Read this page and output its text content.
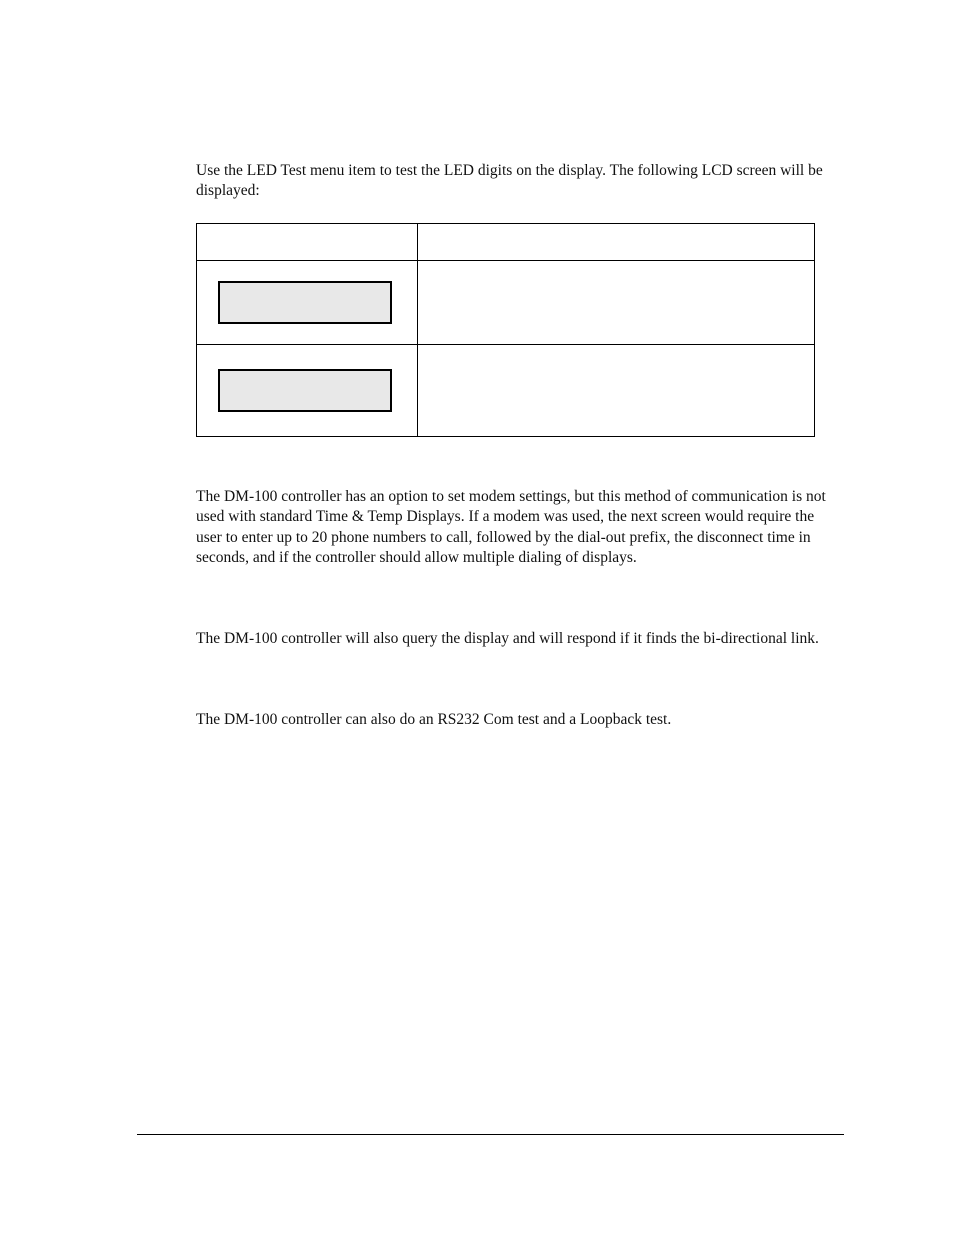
Use the LED Test menu item to test the LED digits on the display. The following LCD screen will be displayed:

The DM-100 controller has an option to set modem settings, but this method of communication is not used with standard Time & Temp Displays. If a modem was used, the next screen would require the user to enter up to 20 phone numbers to call, followed by the dial-out prefix, the disconnect time in seconds, and if the controller should allow multiple dialing of displays.

The DM-100 controller will also query the display and will respond if it finds the bi-directional link.

The DM-100 controller can also do an RS232 Com test and a Loopback test.
